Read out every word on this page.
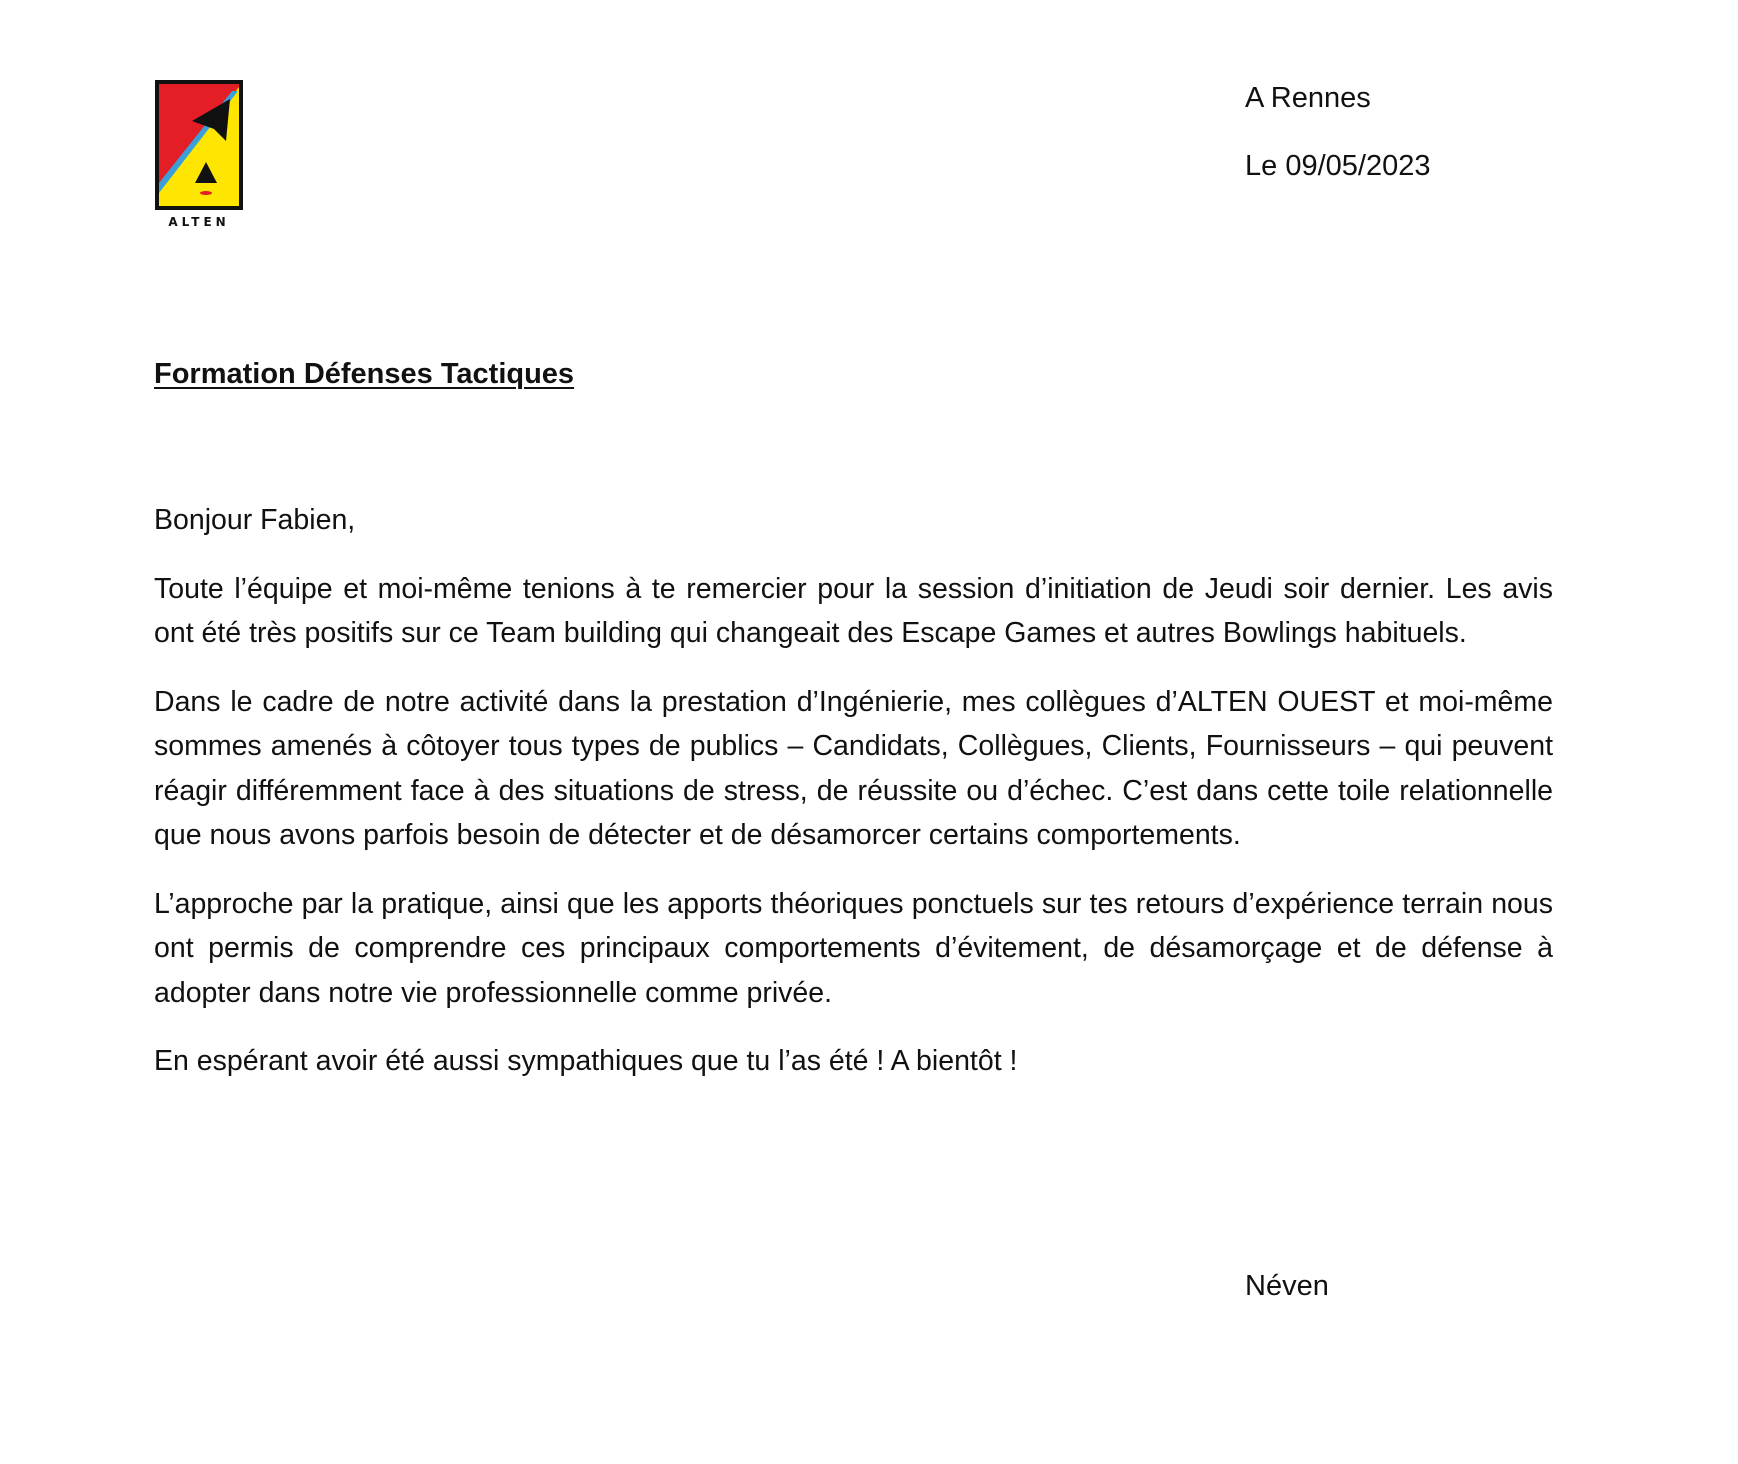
ALTEN
A Rennes
Le 09/05/2023
Formation Défenses Tactiques

Bonjour Fabien,

Toute l’équipe et moi-même tenions à te remercier pour la session d’initiation de Jeudi soir dernier. Les avis ont été très positifs sur ce Team building qui changeait des Escape Games et autres Bowlings habituels.

Dans le cadre de notre activité dans la prestation d’Ingénierie, mes collègues d’ALTEN OUEST et moi-même sommes amenés à côtoyer tous types de publics – Candidats, Collègues, Clients, Fournisseurs – qui peuvent réagir différemment face à des situations de stress, de réussite ou d’échec. C’est dans cette toile relationnelle que nous avons parfois besoin de détecter et de désamorcer certains comportements.

L’approche par la pratique, ainsi que les apports théoriques ponctuels sur tes retours d’expérience terrain nous ont permis de comprendre ces principaux comportements d’évitement, de désamorçage et de défense à adopter dans notre vie professionnelle comme privée.

En espérant avoir été aussi sympathiques que tu l’as été ! A bientôt !

Néven
